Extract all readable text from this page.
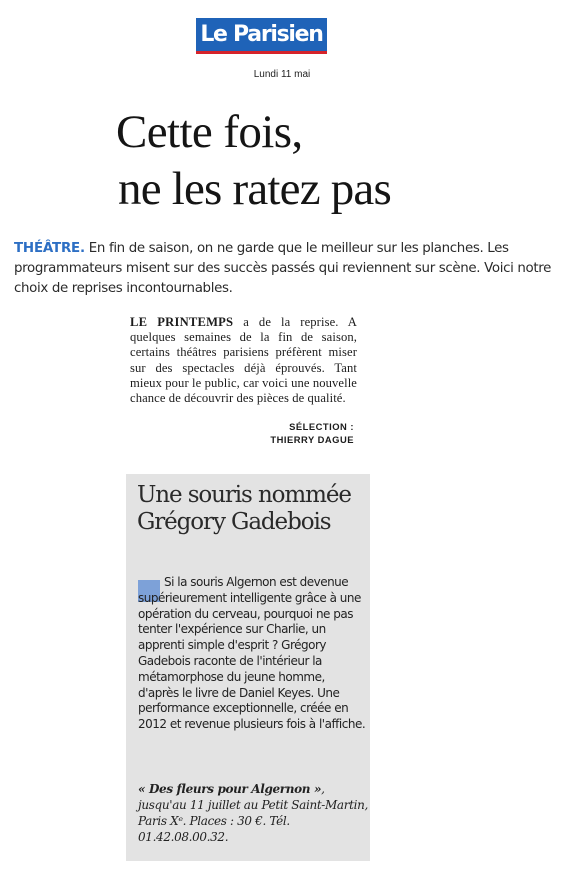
Le Parisien
Lundi 11 mai
Cette fois,
ne les ratez pas
THÉÂTRE. En fin de saison, on ne garde que le meilleur sur les planches. Les programmateurs misent sur des succès passés qui reviennent sur scène. Voici notre choix de reprises incontournables.
LE PRINTEMPS a de la reprise. A quelques semaines de la fin de saison, certains théâtres parisiens préfèrent miser sur des spectacles déjà éprouvés. Tant mieux pour le public, car voici une nouvelle chance de découvrir des pièces de qualité.
SÉLECTION :
THIERRY DAGUE
Une souris nommée Grégory Gadebois
Si la souris Algernon est devenue supérieurement intelligente grâce à une opération du cerveau, pourquoi ne pas tenter l'expérience sur Charlie, un apprenti simple d'esprit ? Grégory Gadebois raconte de l'intérieur la métamorphose du jeune homme, d'après le livre de Daniel Keyes. Une performance exceptionnelle, créée en 2012 et revenue plusieurs fois à l'affiche.
« Des fleurs pour Algernon », jusqu'au 11 juillet au Petit Saint-Martin, Paris Xᵉ. Places : 30 €. Tél. 01.42.08.00.32.
